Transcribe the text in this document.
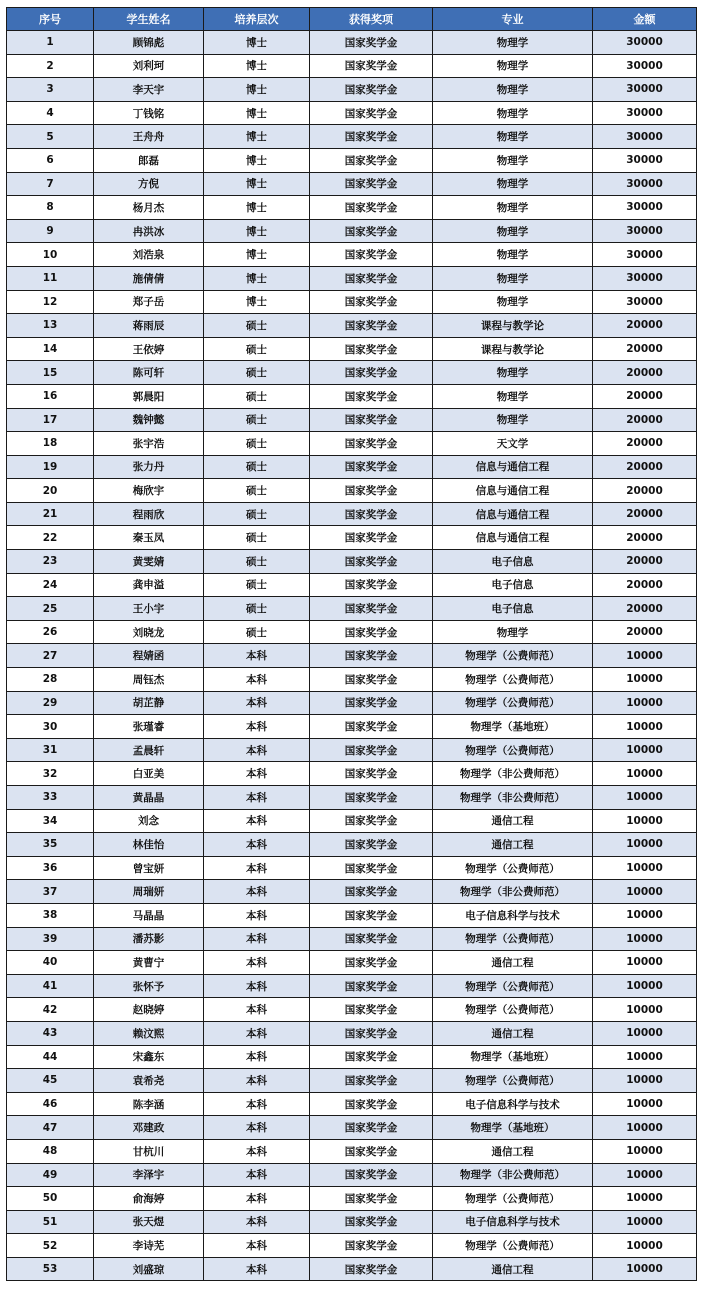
序号	学生姓名	培养层次	获得奖项	专业	金额
1	顾锦彪	博士	国家奖学金	物理学	30000
2	刘利珂	博士	国家奖学金	物理学	30000
3	李天宇	博士	国家奖学金	物理学	30000
4	丁钱铭	博士	国家奖学金	物理学	30000
5	王舟舟	博士	国家奖学金	物理学	30000
6	郎磊	博士	国家奖学金	物理学	30000
7	方倪	博士	国家奖学金	物理学	30000
8	杨月杰	博士	国家奖学金	物理学	30000
9	冉洪冰	博士	国家奖学金	物理学	30000
10	刘浩泉	博士	国家奖学金	物理学	30000
11	施倩倩	博士	国家奖学金	物理学	30000
12	郑子岳	博士	国家奖学金	物理学	30000
13	蒋雨辰	硕士	国家奖学金	课程与教学论	20000
14	王依婷	硕士	国家奖学金	课程与教学论	20000
15	陈可轩	硕士	国家奖学金	物理学	20000
16	郭晨阳	硕士	国家奖学金	物理学	20000
17	魏钟懿	硕士	国家奖学金	物理学	20000
18	张宇浩	硕士	国家奖学金	天文学	20000
19	张力丹	硕士	国家奖学金	信息与通信工程	20000
20	梅欣宇	硕士	国家奖学金	信息与通信工程	20000
21	程雨欣	硕士	国家奖学金	信息与通信工程	20000
22	秦玉凤	硕士	国家奖学金	信息与通信工程	20000
23	黄雯婧	硕士	国家奖学金	电子信息	20000
24	龚申溢	硕士	国家奖学金	电子信息	20000
25	王小宇	硕士	国家奖学金	电子信息	20000
26	刘晓龙	硕士	国家奖学金	物理学	20000
27	程婧函	本科	国家奖学金	物理学（公费师范）	10000
28	周钰杰	本科	国家奖学金	物理学（公费师范）	10000
29	胡芷静	本科	国家奖学金	物理学（公费师范）	10000
30	张瑾睿	本科	国家奖学金	物理学（基地班）	10000
31	孟晨轩	本科	国家奖学金	物理学（公费师范）	10000
32	白亚美	本科	国家奖学金	物理学（非公费师范）	10000
33	黄晶晶	本科	国家奖学金	物理学（非公费师范）	10000
34	刘念	本科	国家奖学金	通信工程	10000
35	林佳怡	本科	国家奖学金	通信工程	10000
36	曾宝妍	本科	国家奖学金	物理学（公费师范）	10000
37	周瑞妍	本科	国家奖学金	物理学（非公费师范）	10000
38	马晶晶	本科	国家奖学金	电子信息科学与技术	10000
39	潘苏影	本科	国家奖学金	物理学（公费师范）	10000
40	黄曹宁	本科	国家奖学金	通信工程	10000
41	张怀予	本科	国家奖学金	物理学（公费师范）	10000
42	赵晓婷	本科	国家奖学金	物理学（公费师范）	10000
43	赖汶熙	本科	国家奖学金	通信工程	10000
44	宋鑫东	本科	国家奖学金	物理学（基地班）	10000
45	袁希尧	本科	国家奖学金	物理学（公费师范）	10000
46	陈李涵	本科	国家奖学金	电子信息科学与技术	10000
47	邓建政	本科	国家奖学金	物理学（基地班）	10000
48	甘杭川	本科	国家奖学金	通信工程	10000
49	李泽宇	本科	国家奖学金	物理学（非公费师范）	10000
50	俞海婷	本科	国家奖学金	物理学（公费师范）	10000
51	张天煜	本科	国家奖学金	电子信息科学与技术	10000
52	李诗芜	本科	国家奖学金	物理学（公费师范）	10000
53	刘盛琼	本科	国家奖学金	通信工程	10000
